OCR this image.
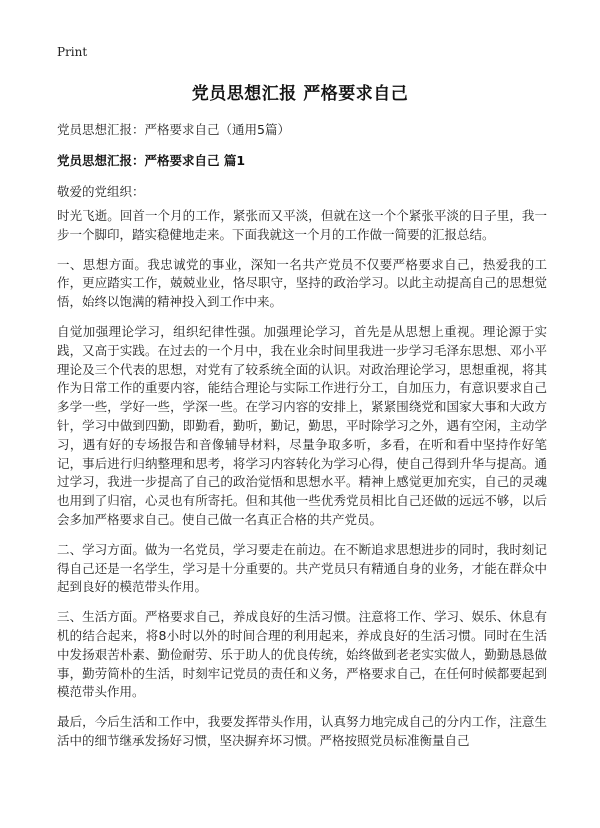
Print
党员思想汇报 严格要求自己
党员思想汇报：严格要求自己（通用5篇）
党员思想汇报：严格要求自己 篇1
敬爱的党组织：

时光飞逝。回首一个月的工作，紧张而又平淡，但就在这一个个紧张平淡的日子里，我一步一个脚印，踏实稳健地走来。下面我就这一个月的工作做一简要的汇报总结。

一、思想方面。我忠诚党的事业，深知一名共产党员不仅要严格要求自己，热爱我的工作，更应踏实工作，兢兢业业，恪尽职守，坚持的政治学习。以此主动提高自己的思想觉悟，始终以饱满的精神投入到工作中来。

自觉加强理论学习，组织纪律性强。加强理论学习，首先是从思想上重视。理论源于实践，又高于实践。在过去的一个月中，我在业余时间里我进一步学习毛泽东思想、邓小平理论及三个代表的思想，对党有了较系统全面的认识。对政治理论学习，思想重视，将其作为日常工作的重要内容，能结合理论与实际工作进行分工，自加压力，有意识要求自己多学一些，学好一些，学深一些。在学习内容的安排上，紧紧围绕党和国家大事和大政方针，学习中做到四勤，即勤看，勤听，勤记，勤思，平时除学习之外，遇有空闲，主动学习，遇有好的专场报告和音像辅导材料，尽量争取多听，多看，在听和看中坚持作好笔记，事后进行归纳整理和思考，将学习内容转化为学习心得，使自己得到升华与提高。通过学习，我进一步提高了自己的政治觉悟和思想水平。精神上感觉更加充实，自己的灵魂也用到了归宿，心灵也有所寄托。但和其他一些优秀党员相比自己还做的远远不够，以后会多加严格要求自己。使自己做一名真正合格的共产党员。

二、学习方面。做为一名党员，学习要走在前边。在不断追求思想进步的同时，我时刻记得自己还是一名学生，学习是十分重要的。共产党员只有精通自身的业务，才能在群众中起到良好的模范带头作用。

三、生活方面。严格要求自己，养成良好的生活习惯。注意将工作、学习、娱乐、休息有机的结合起来，将8小时以外的时间合理的利用起来，养成良好的生活习惯。同时在生活中发扬艰苦朴素、勤俭耐劳、乐于助人的优良传统，始终做到老老实实做人，勤勤恳恳做事，勤劳简朴的生活，时刻牢记党员的责任和义务，严格要求自己，在任何时候都要起到模范带头作用。

最后，今后生活和工作中，我要发挥带头作用，认真努力地完成自己的分内工作，注意生活中的细节继承发扬好习惯，坚决摒弃坏习惯。严格按照党员标准衡量自己
